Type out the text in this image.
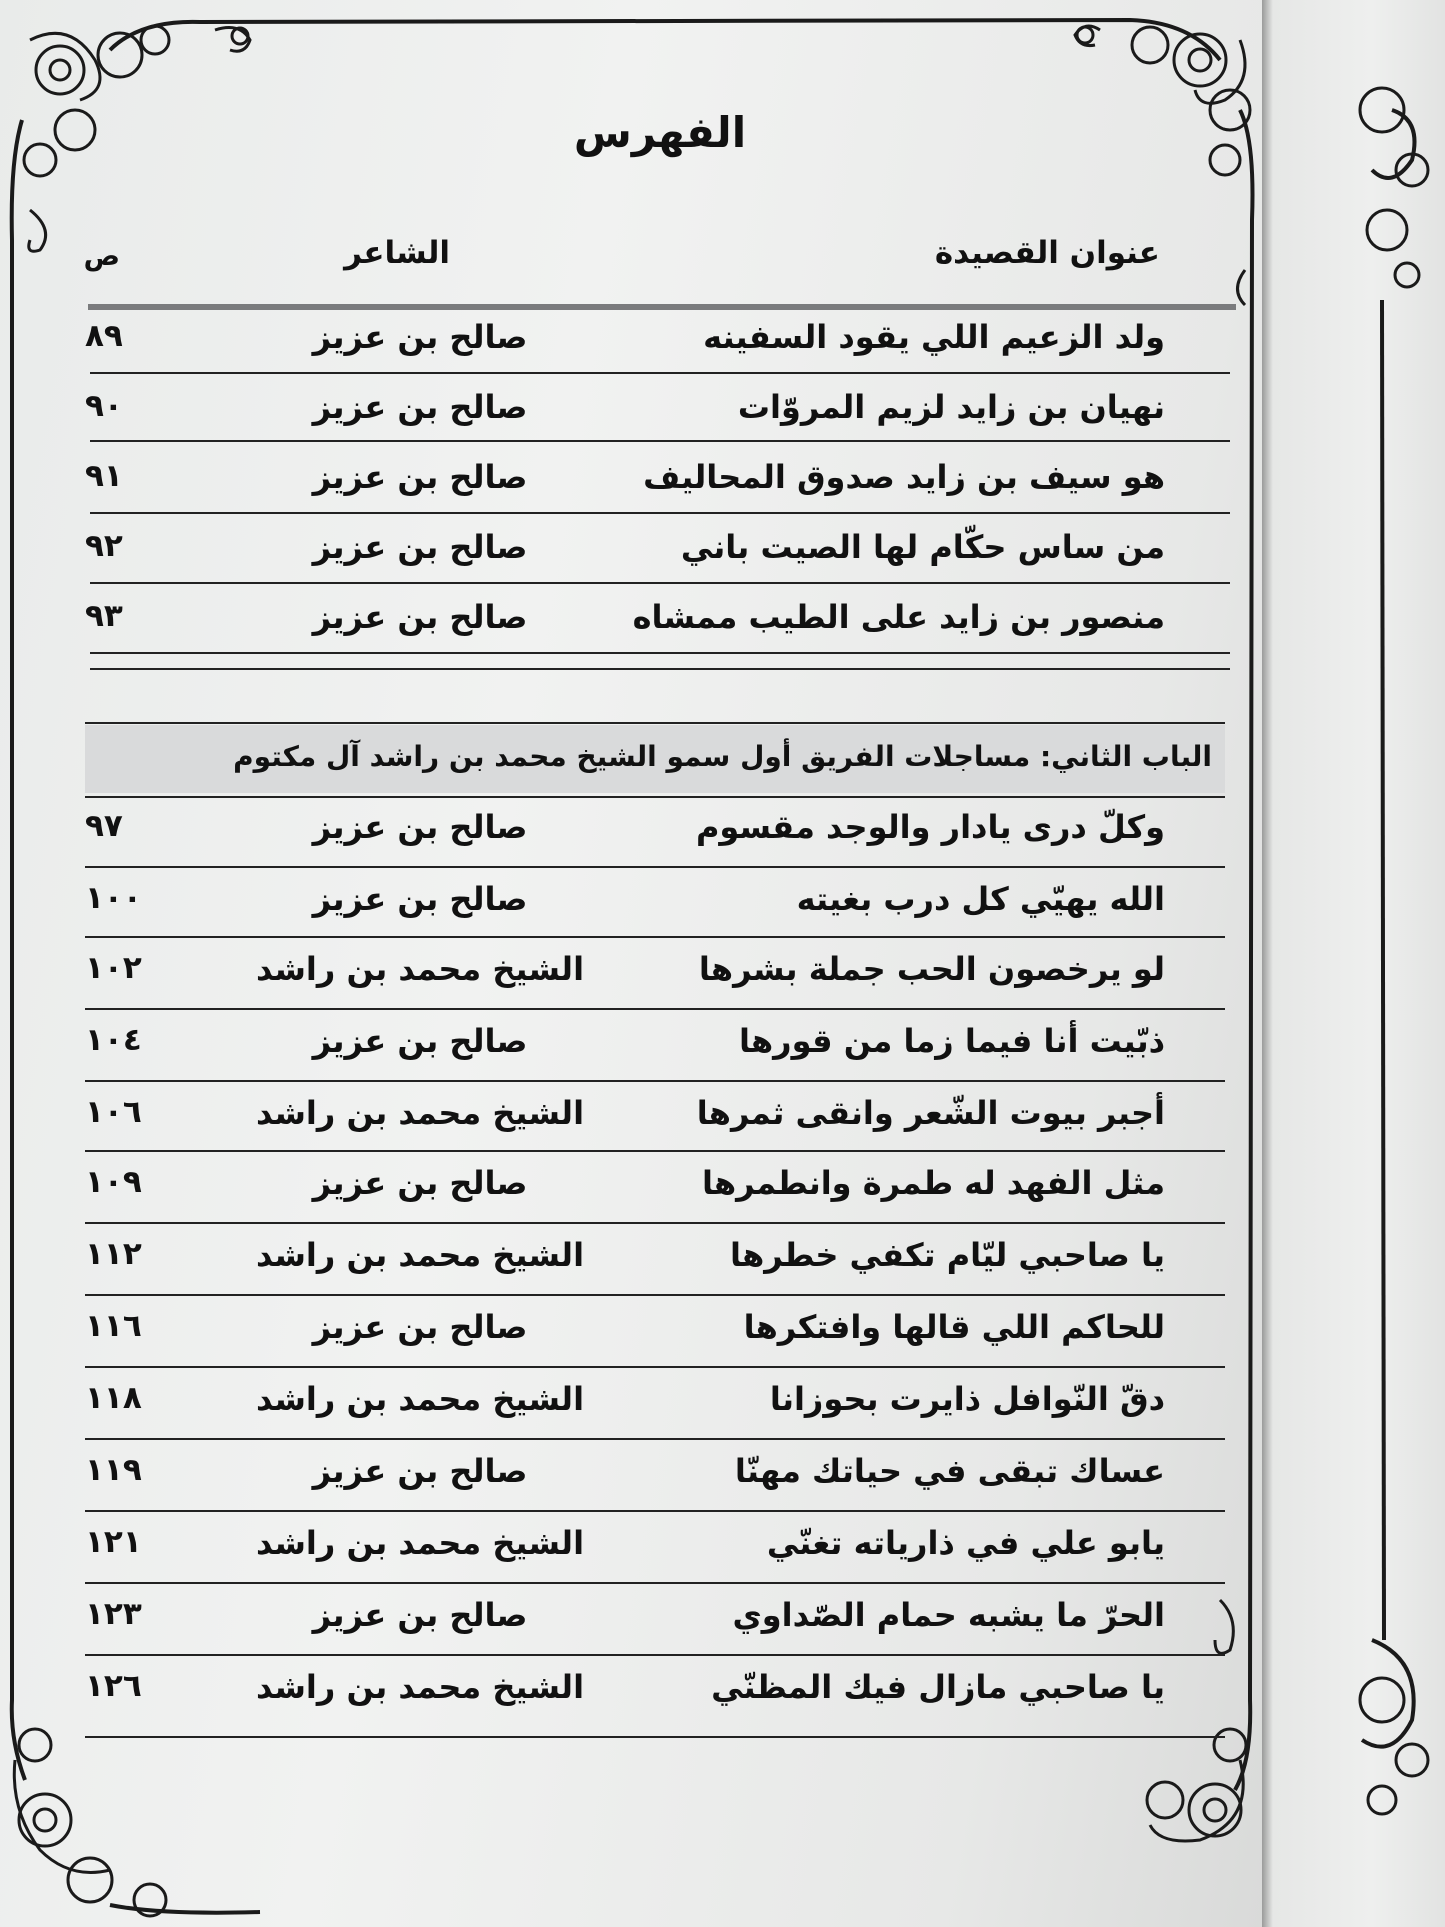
الفهرس
عنوان القصيدة
الشاعر
ص
ولد الزعيم اللي يقود السفينه
صالح بن عزيز
٨٩
نهيان بن زايد لزيم المروّات
صالح بن عزيز
٩٠
هو سيف بن زايد صدوق المحاليف
صالح بن عزيز
٩١
من ساس حكّام لها الصيت باني
صالح بن عزيز
٩٢
منصور بن زايد على الطيب ممشاه
صالح بن عزيز
٩٣
الباب الثاني: مساجلات الفريق أول سمو الشيخ محمد بن راشد آل مكتوم
وكلّ درى يادار والوجد مقسوم
صالح بن عزيز
٩٧
الله يهيّي كل درب بغيته
صالح بن عزيز
١٠٠
لو يرخصون الحب جملة بشرها
الشيخ محمد بن راشد
١٠٢
ذبّيت أنا فيما زما من قورها
صالح بن عزيز
١٠٤
أجبر بيوت الشّعر وانقى ثمرها
الشيخ محمد بن راشد
١٠٦
مثل الفهد له طمرة وانطمرها
صالح بن عزيز
١٠٩
يا صاحبي ليّام تكفي خطرها
الشيخ محمد بن راشد
١١٢
للحاكم اللي قالها وافتكرها
صالح بن عزيز
١١٦
دقّ النّوافل ذايرت بحوزانا
الشيخ محمد بن راشد
١١٨
عساك تبقى في حياتك مهنّا
صالح بن عزيز
١١٩
يابو علي في ذارياته تغنّي
الشيخ محمد بن راشد
١٢١
الحرّ ما يشبه حمام الصّداوي
صالح بن عزيز
١٢٣
يا صاحبي مازال فيك المظنّي
الشيخ محمد بن راشد
١٢٦
